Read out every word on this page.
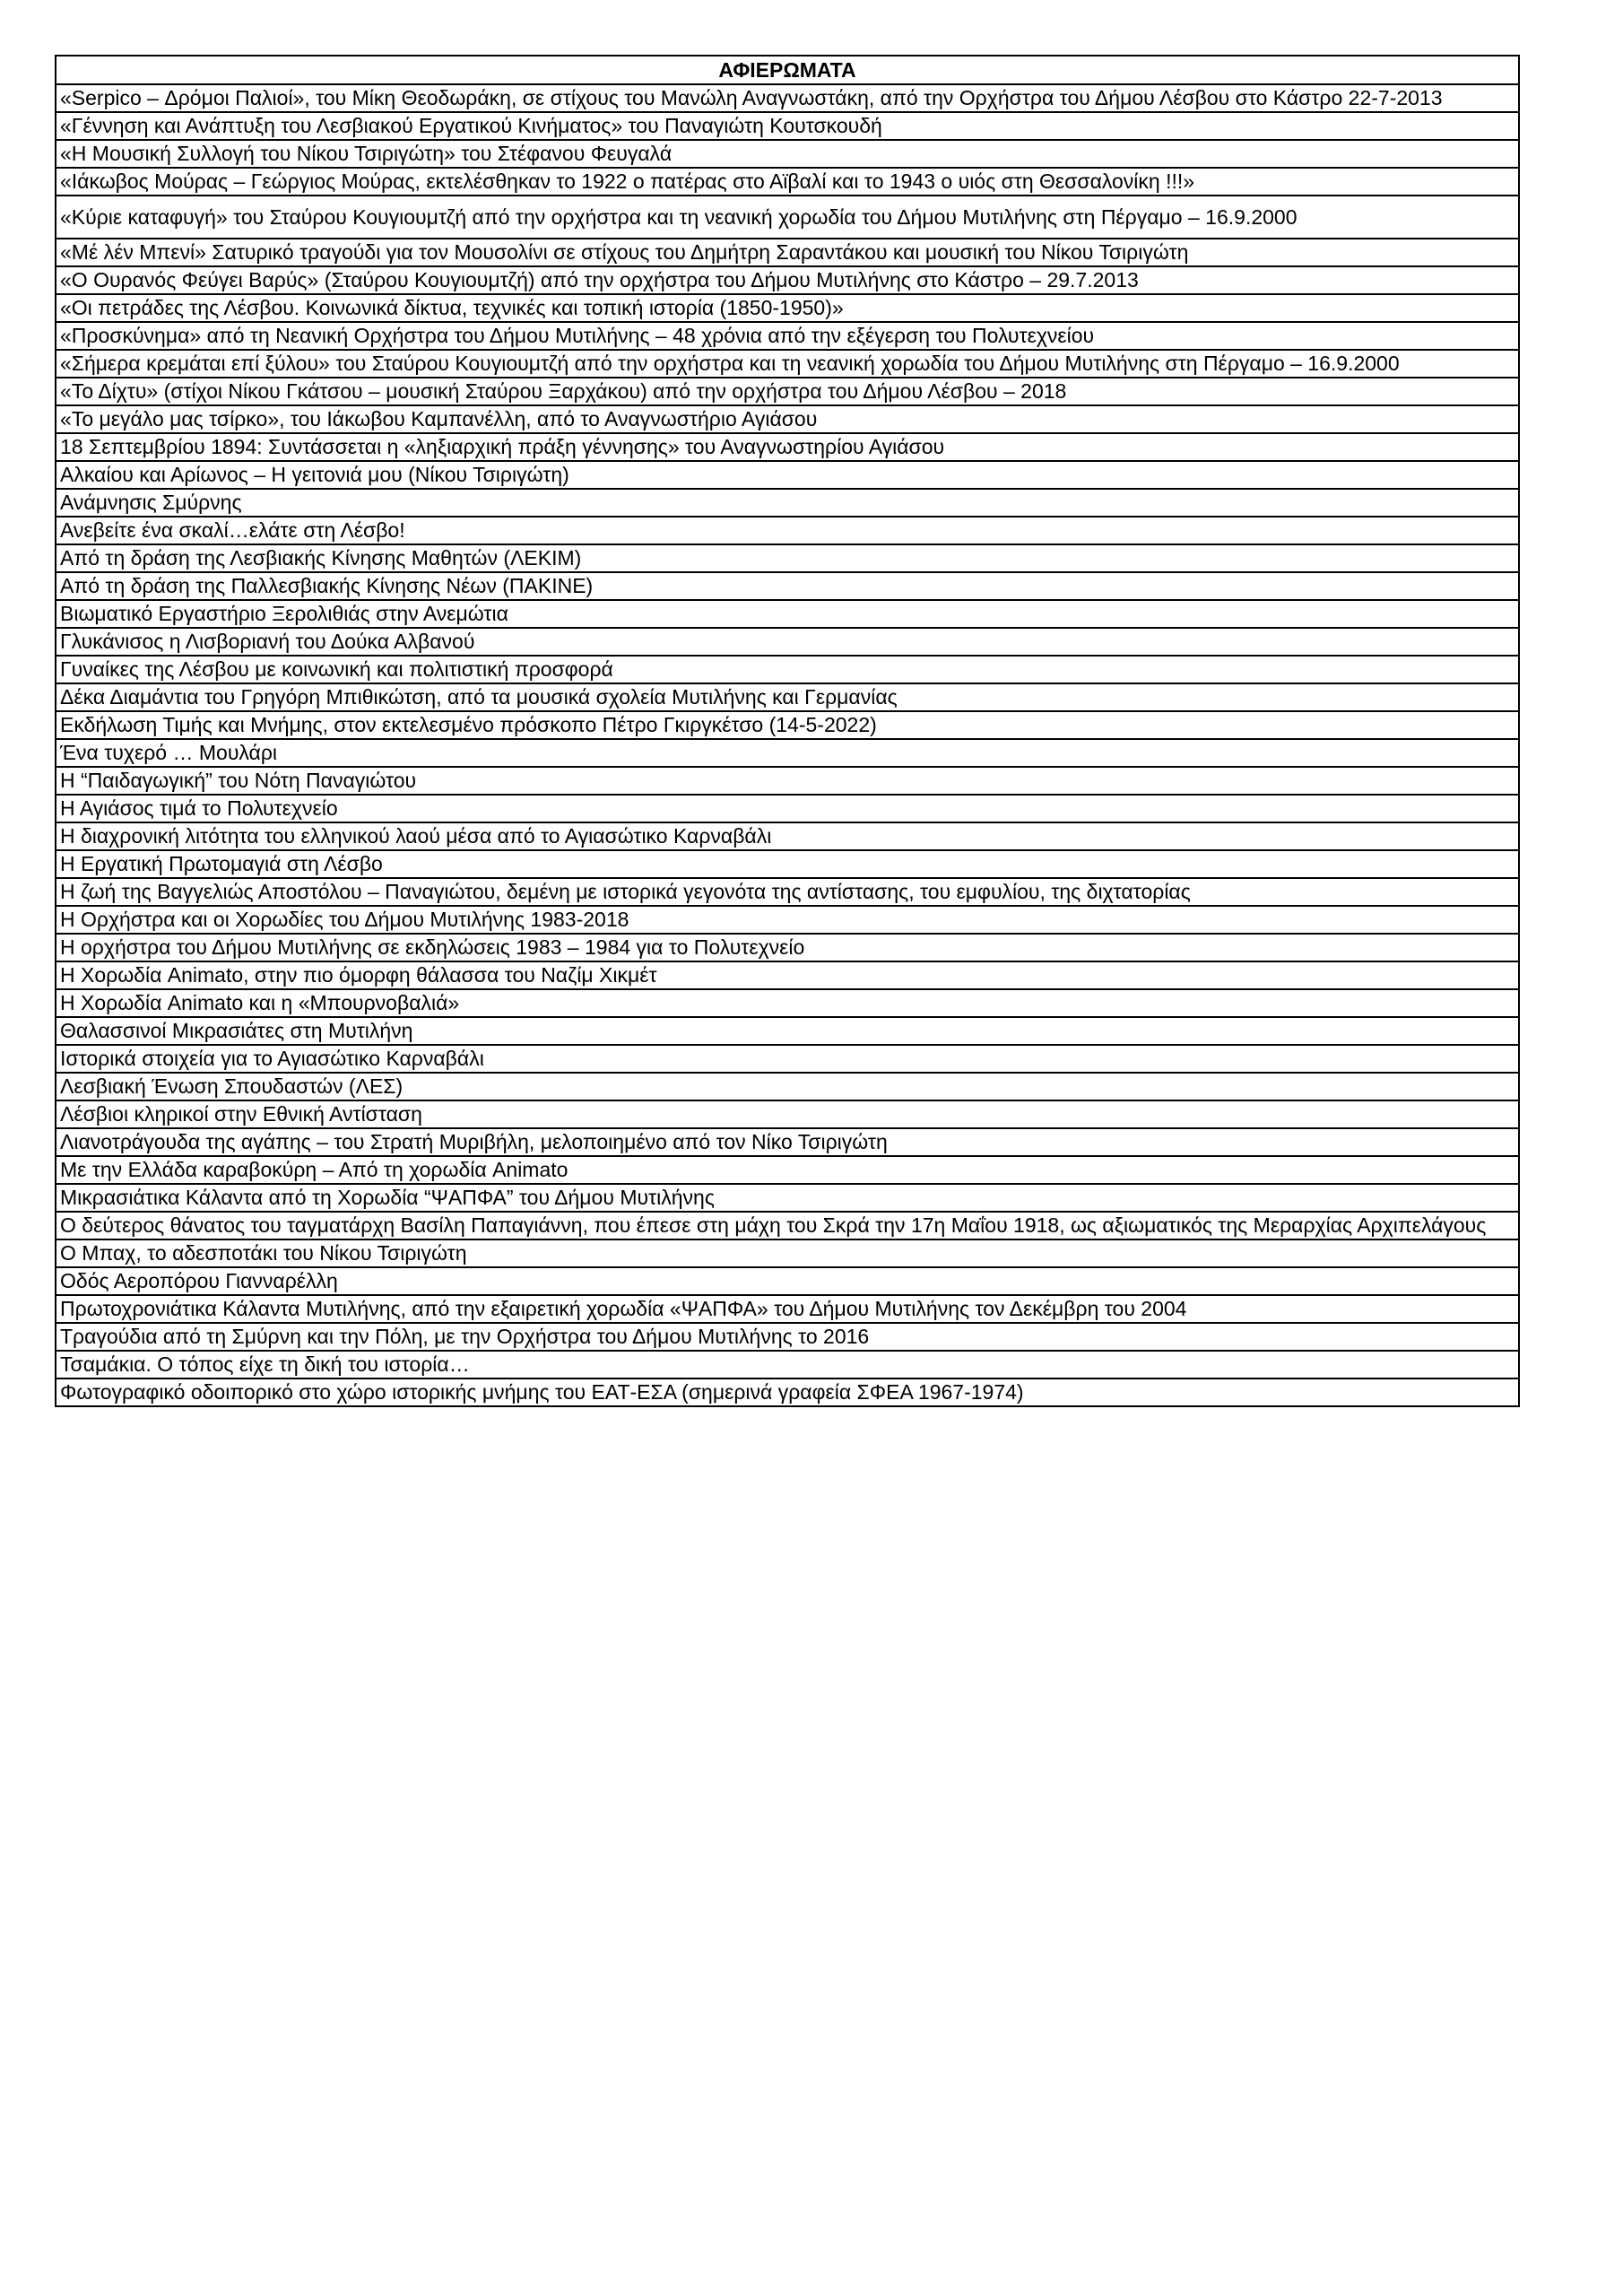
ΑΦΙΕΡΩΜΑΤΑ
«Serpico – Δρόμοι Παλιοί», του Μίκη Θεοδωράκη, σε στίχους του Μανώλη Αναγνωστάκη, από την Ορχήστρα του Δήμου Λέσβου στο Κάστρο 22-7-2013
«Γέννηση και Ανάπτυξη του Λεσβιακού Εργατικού Κινήματος» του Παναγιώτη Κουτσκουδή
«Η Μουσική Συλλογή του Νίκου Τσιριγώτη» του Στέφανου Φευγαλά
«Ιάκωβος Μούρας – Γεώργιος Μούρας, εκτελέσθηκαν το 1922 ο πατέρας στο Αϊβαλί και το 1943 ο υιός στη Θεσσαλονίκη !!!»
«Κύριε καταφυγή» του Σταύρου Κουγιουμτζή από την ορχήστρα και τη νεανική χορωδία του Δήμου Μυτιλήνης στη Πέργαμο – 16.9.2000
«Μέ λέν Μπενί» Σατυρικό τραγούδι για τον Μουσολίνι σε στίχους του Δημήτρη Σαραντάκου και μουσική του Νίκου Τσιριγώτη
«Ο Ουρανός Φεύγει Βαρύς» (Σταύρου Κουγιουμτζή) από την ορχήστρα του Δήμου Μυτιλήνης στο Κάστρο – 29.7.2013
«Οι πετράδες της Λέσβου. Κοινωνικά δίκτυα, τεχνικές και τοπική ιστορία (1850-1950)»
«Προσκύνημα» από τη Νεανική Ορχήστρα του Δήμου Μυτιλήνης – 48 χρόνια από την εξέγερση του Πολυτεχνείου
«Σήμερα κρεμάται επί ξύλου» του Σταύρου Κουγιουμτζή από την ορχήστρα και τη νεανική χορωδία του Δήμου Μυτιλήνης στη Πέργαμο – 16.9.2000
«Το Δίχτυ» (στίχοι Νίκου Γκάτσου – μουσική Σταύρου Ξαρχάκου) από την ορχήστρα του Δήμου Λέσβου – 2018
«Το μεγάλο μας τσίρκο», του Ιάκωβου Καμπανέλλη, από το Αναγνωστήριο Αγιάσου
18 Σεπτεμβρίου 1894: Συντάσσεται η «ληξιαρχική πράξη γέννησης» του Αναγνωστηρίου Αγιάσου
Αλκαίου και Αρίωνος – Η γειτονιά μου (Νίκου Τσιριγώτη)
Ανάμνησις Σμύρνης
Ανεβείτε ένα σκαλί…ελάτε στη Λέσβο!
Από τη δράση της Λεσβιακής Κίνησης Μαθητών (ΛΕΚΙΜ)
Από τη δράση της Παλλεσβιακής Κίνησης Νέων (ΠΑΚΙΝΕ)
Βιωματικό Εργαστήριο Ξερολιθιάς στην Ανεμώτια
Γλυκάνισος η Λισβοριανή του Δούκα Αλβανού
Γυναίκες της Λέσβου με κοινωνική και πολιτιστική προσφορά
Δέκα Διαμάντια του Γρηγόρη Μπιθικώτση, από τα μουσικά σχολεία Μυτιλήνης και Γερμανίας
Εκδήλωση Τιμής και Μνήμης, στον εκτελεσμένο πρόσκοπο Πέτρο Γκιργκέτσο (14-5-2022)
Ένα τυχερό … Μουλάρι
Η “Παιδαγωγική” του Νότη Παναγιώτου
Η Αγιάσος τιμά το Πολυτεχνείο
Η διαχρονική λιτότητα του ελληνικού λαού μέσα από το Αγιασώτικο Καρναβάλι
Η Εργατική Πρωτομαγιά στη Λέσβο
Η ζωή της Βαγγελιώς Αποστόλου – Παναγιώτου, δεμένη με ιστορικά γεγονότα της αντίστασης, του εμφυλίου, της διχτατορίας
Η Ορχήστρα και οι Χορωδίες του Δήμου Μυτιλήνης 1983-2018
Η ορχήστρα του Δήμου Μυτιλήνης σε εκδηλώσεις 1983 – 1984 για το Πολυτεχνείο
Η Χορωδία Animato, στην πιο όμορφη θάλασσα του Ναζίμ Χικμέτ
Η Χορωδία Animato και η «Μπουρνοβαλιά»
Θαλασσινοί Μικρασιάτες στη Μυτιλήνη
Ιστορικά στοιχεία για το Αγιασώτικο Καρναβάλι
Λεσβιακή Ένωση Σπουδαστών (ΛΕΣ)
Λέσβιοι κληρικοί στην Εθνική Αντίσταση
Λιανοτράγουδα της αγάπης – του Στρατή Μυριβήλη, μελοποιημένο από τον Νίκο Τσιριγώτη
Με την Ελλάδα καραβοκύρη – Από τη χορωδία Animato
Μικρασιάτικα Κάλαντα από τη Χορωδία “ΨΑΠΦΑ” του Δήμου Μυτιλήνης
Ο δεύτερος θάνατος του ταγματάρχη Βασίλη Παπαγιάννη, που έπεσε στη μάχη του Σκρά την 17η Μαΐου 1918, ως αξιωματικός της Μεραρχίας Αρχιπελάγους
Ο Μπαχ, το αδεσποτάκι του Νίκου Τσιριγώτη
Οδός Αεροπόρου Γιανναρέλλη
Πρωτοχρονιάτικα Κάλαντα Μυτιλήνης, από την εξαιρετική χορωδία «ΨΑΠΦΑ» του Δήμου Μυτιλήνης τον Δεκέμβρη του 2004
Τραγούδια από τη Σμύρνη και την Πόλη, με την Ορχήστρα του Δήμου Μυτιλήνης το 2016
Τσαμάκια. Ο τόπος είχε τη δική του ιστορία…
Φωτογραφικό οδοιπορικό στο χώρο ιστορικής μνήμης του ΕΑΤ-ΕΣΑ (σημερινά γραφεία ΣΦΕΑ 1967-1974)
